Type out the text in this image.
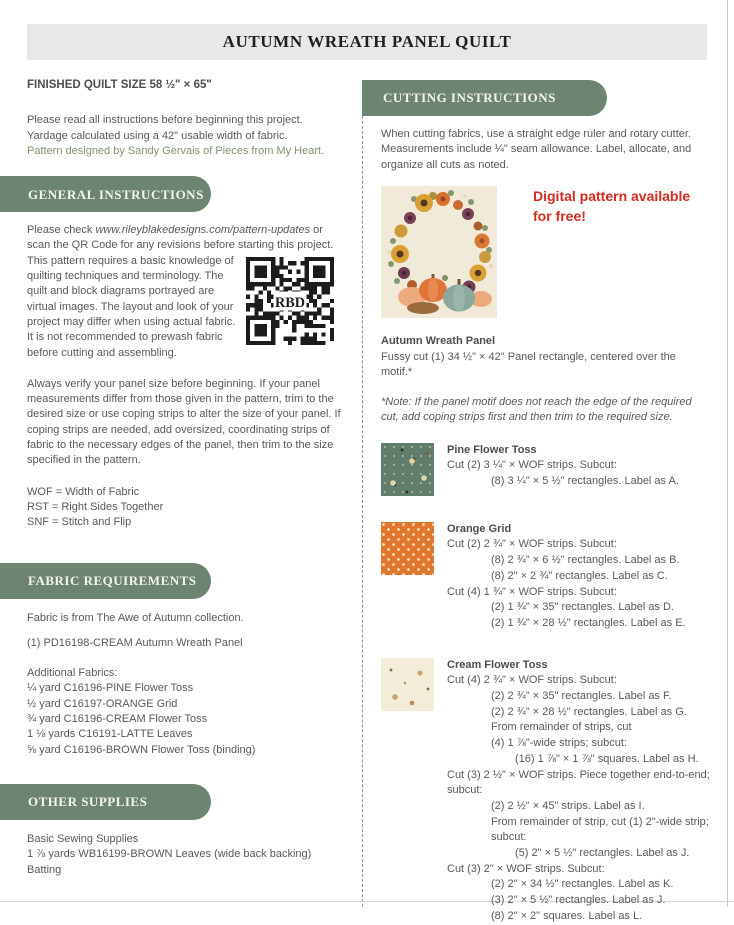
AUTUMN WREATH PANEL QUILT
FINISHED QUILT SIZE 58 ½" × 65"
Please read all instructions before beginning this project.
Yardage calculated using a 42" usable width of fabric.
Pattern designed by Sandy Gervais of Pieces from My Heart.
GENERAL INSTRUCTIONS

Please check www.rileyblakedesigns.com/pattern-updates or scan the QR Code for any revisions before starting this project.
RBD
This pattern requires a basic knowledge of quilting techniques and terminology. The quilt and block diagrams portrayed are virtual images. The layout and look of your project may differ when using actual fabric. It is not recommended to prewash fabric before cutting and assembling.

Always verify your panel size before beginning. If your panel measurements differ from those given in the pattern, trim to the desired size or use coping strips to alter the size of your panel. If coping strips are needed, add oversized, coordinating strips of fabric to the necessary edges of the panel, then trim to the size specified in the pattern.

WOF = Width of Fabric
RST = Right Sides Together
SNF = Stitch and Flip
FABRIC REQUIREMENTS
Fabric is from The Awe of Autumn collection.
(1) PD16198-CREAM Autumn Wreath Panel
Additional Fabrics:
¼ yard C16196-PINE Flower Toss
½ yard C16197-ORANGE Grid
¾ yard C16196-CREAM Flower Toss
1 ⅛ yards C16191-LATTE Leaves
⅝ yard C16196-BROWN Flower Toss (binding)
OTHER SUPPLIES
Basic Sewing Supplies
1 ⅞ yards WB16199-BROWN Leaves (wide back backing)
Batting
CUTTING INSTRUCTIONS

When cutting fabrics, use a straight edge ruler and rotary cutter. Measurements include ¼" seam allowance. Label, allocate, and organize all cuts as noted.

Digital pattern available for free!
Autumn Wreath Panel
Fussy cut (1) 34 ½" × 42" Panel rectangle, centered over the motif.*
*Note: If the panel motif does not reach the edge of the required cut, add coping strips first and then trim to the required size.
Pine Flower Toss
Cut (2) 3 ¼" × WOF strips. Subcut:
(8) 3 ¼" × 5 ½" rectangles. Label as A.
Orange Grid
Cut (2) 2 ¾" × WOF strips. Subcut:
(8) 2 ¾" × 6 ½" rectangles. Label as B.
(8) 2" × 2 ¾" rectangles. Label as C.
Cut (4) 1 ¾" × WOF strips. Subcut:
(2) 1 ¾" × 35" rectangles. Label as D.
(2) 1 ¾" × 28 ½" rectangles. Label as E.
Cream Flower Toss
Cut (4) 2 ¾" × WOF strips. Subcut:
(2) 2 ¾" × 35" rectangles. Label as F.
(2) 2 ¾" × 28 ½" rectangles. Label as G.
From remainder of strips, cut
(4) 1 ⅞"-wide strips; subcut:
(16) 1 ⅞" × 1 ⅞" squares. Label as H.
Cut (3) 2 ½" × WOF strips. Piece together end-to-end; subcut:
(2) 2 ½" × 45" strips. Label as I.
From remainder of strip, cut (1) 2"-wide strip; subcut:
(5) 2" × 5 ½" rectangles. Label as J.
Cut (3) 2" × WOF strips. Subcut:
(2) 2" × 34 ½" rectangles. Label as K.
(3) 2" × 5 ½" rectangles. Label as J.
(8) 2" × 2" squares. Label as L.
